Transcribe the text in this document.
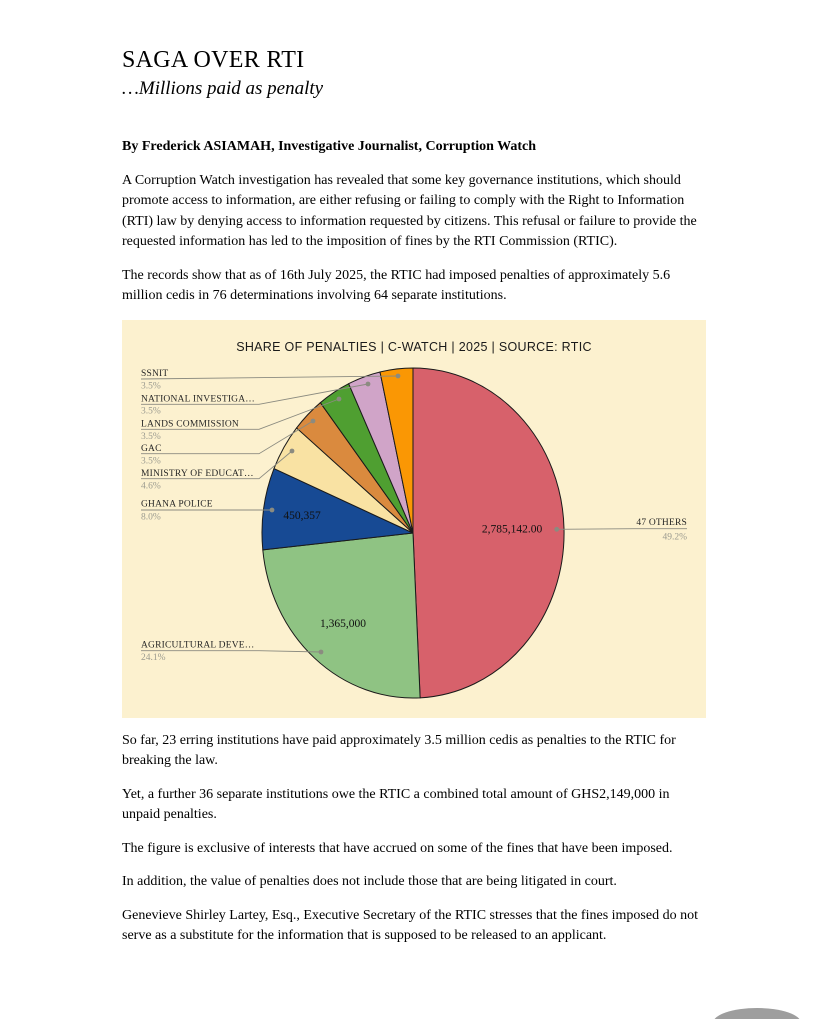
SAGA OVER RTI
…Millions paid as penalty

By Frederick ASIAMAH, Investigative Journalist, Corruption Watch

A Corruption Watch investigation has revealed that some key governance institutions, which should promote access to information, are either refusing or failing to comply with the Right to Information (RTI) law by denying access to information requested by citizens. This refusal or failure to provide the requested information has led to the imposition of fines by the RTI Commission (RTIC).

The records show that as of 16th July 2025, the RTIC had imposed penalties of approximately 5.6 million cedis in 76 determinations involving 64 separate institutions.

SHARE OF PENALTIES | C-WATCH | 2025 | SOURCE: RTIC
2,785,142.00
1,365,000
450,357
SSNIT
3.5%
NATIONAL INVESTIGA…
3.5%
LANDS COMMISSION
3.5%
GAC
3.5%
MINISTRY OF EDUCAT…
4.6%
GHANA POLICE
8.0%
AGRICULTURAL DEVE…
24.1%
47 OTHERS
49.2%

So far, 23 erring institutions have paid approximately 3.5 million cedis as penalties to the RTIC for breaking the law.

Yet, a further 36 separate institutions owe the RTIC a combined total amount of GHS2,149,000 in unpaid penalties.

The figure is exclusive of interests that have accrued on some of the fines that have been imposed.

In addition, the value of penalties does not include those that are being litigated in court.

Genevieve Shirley Lartey, Esq., Executive Secretary of the RTIC stresses that the fines imposed do not serve as a substitute for the information that is supposed to be released to an applicant.
